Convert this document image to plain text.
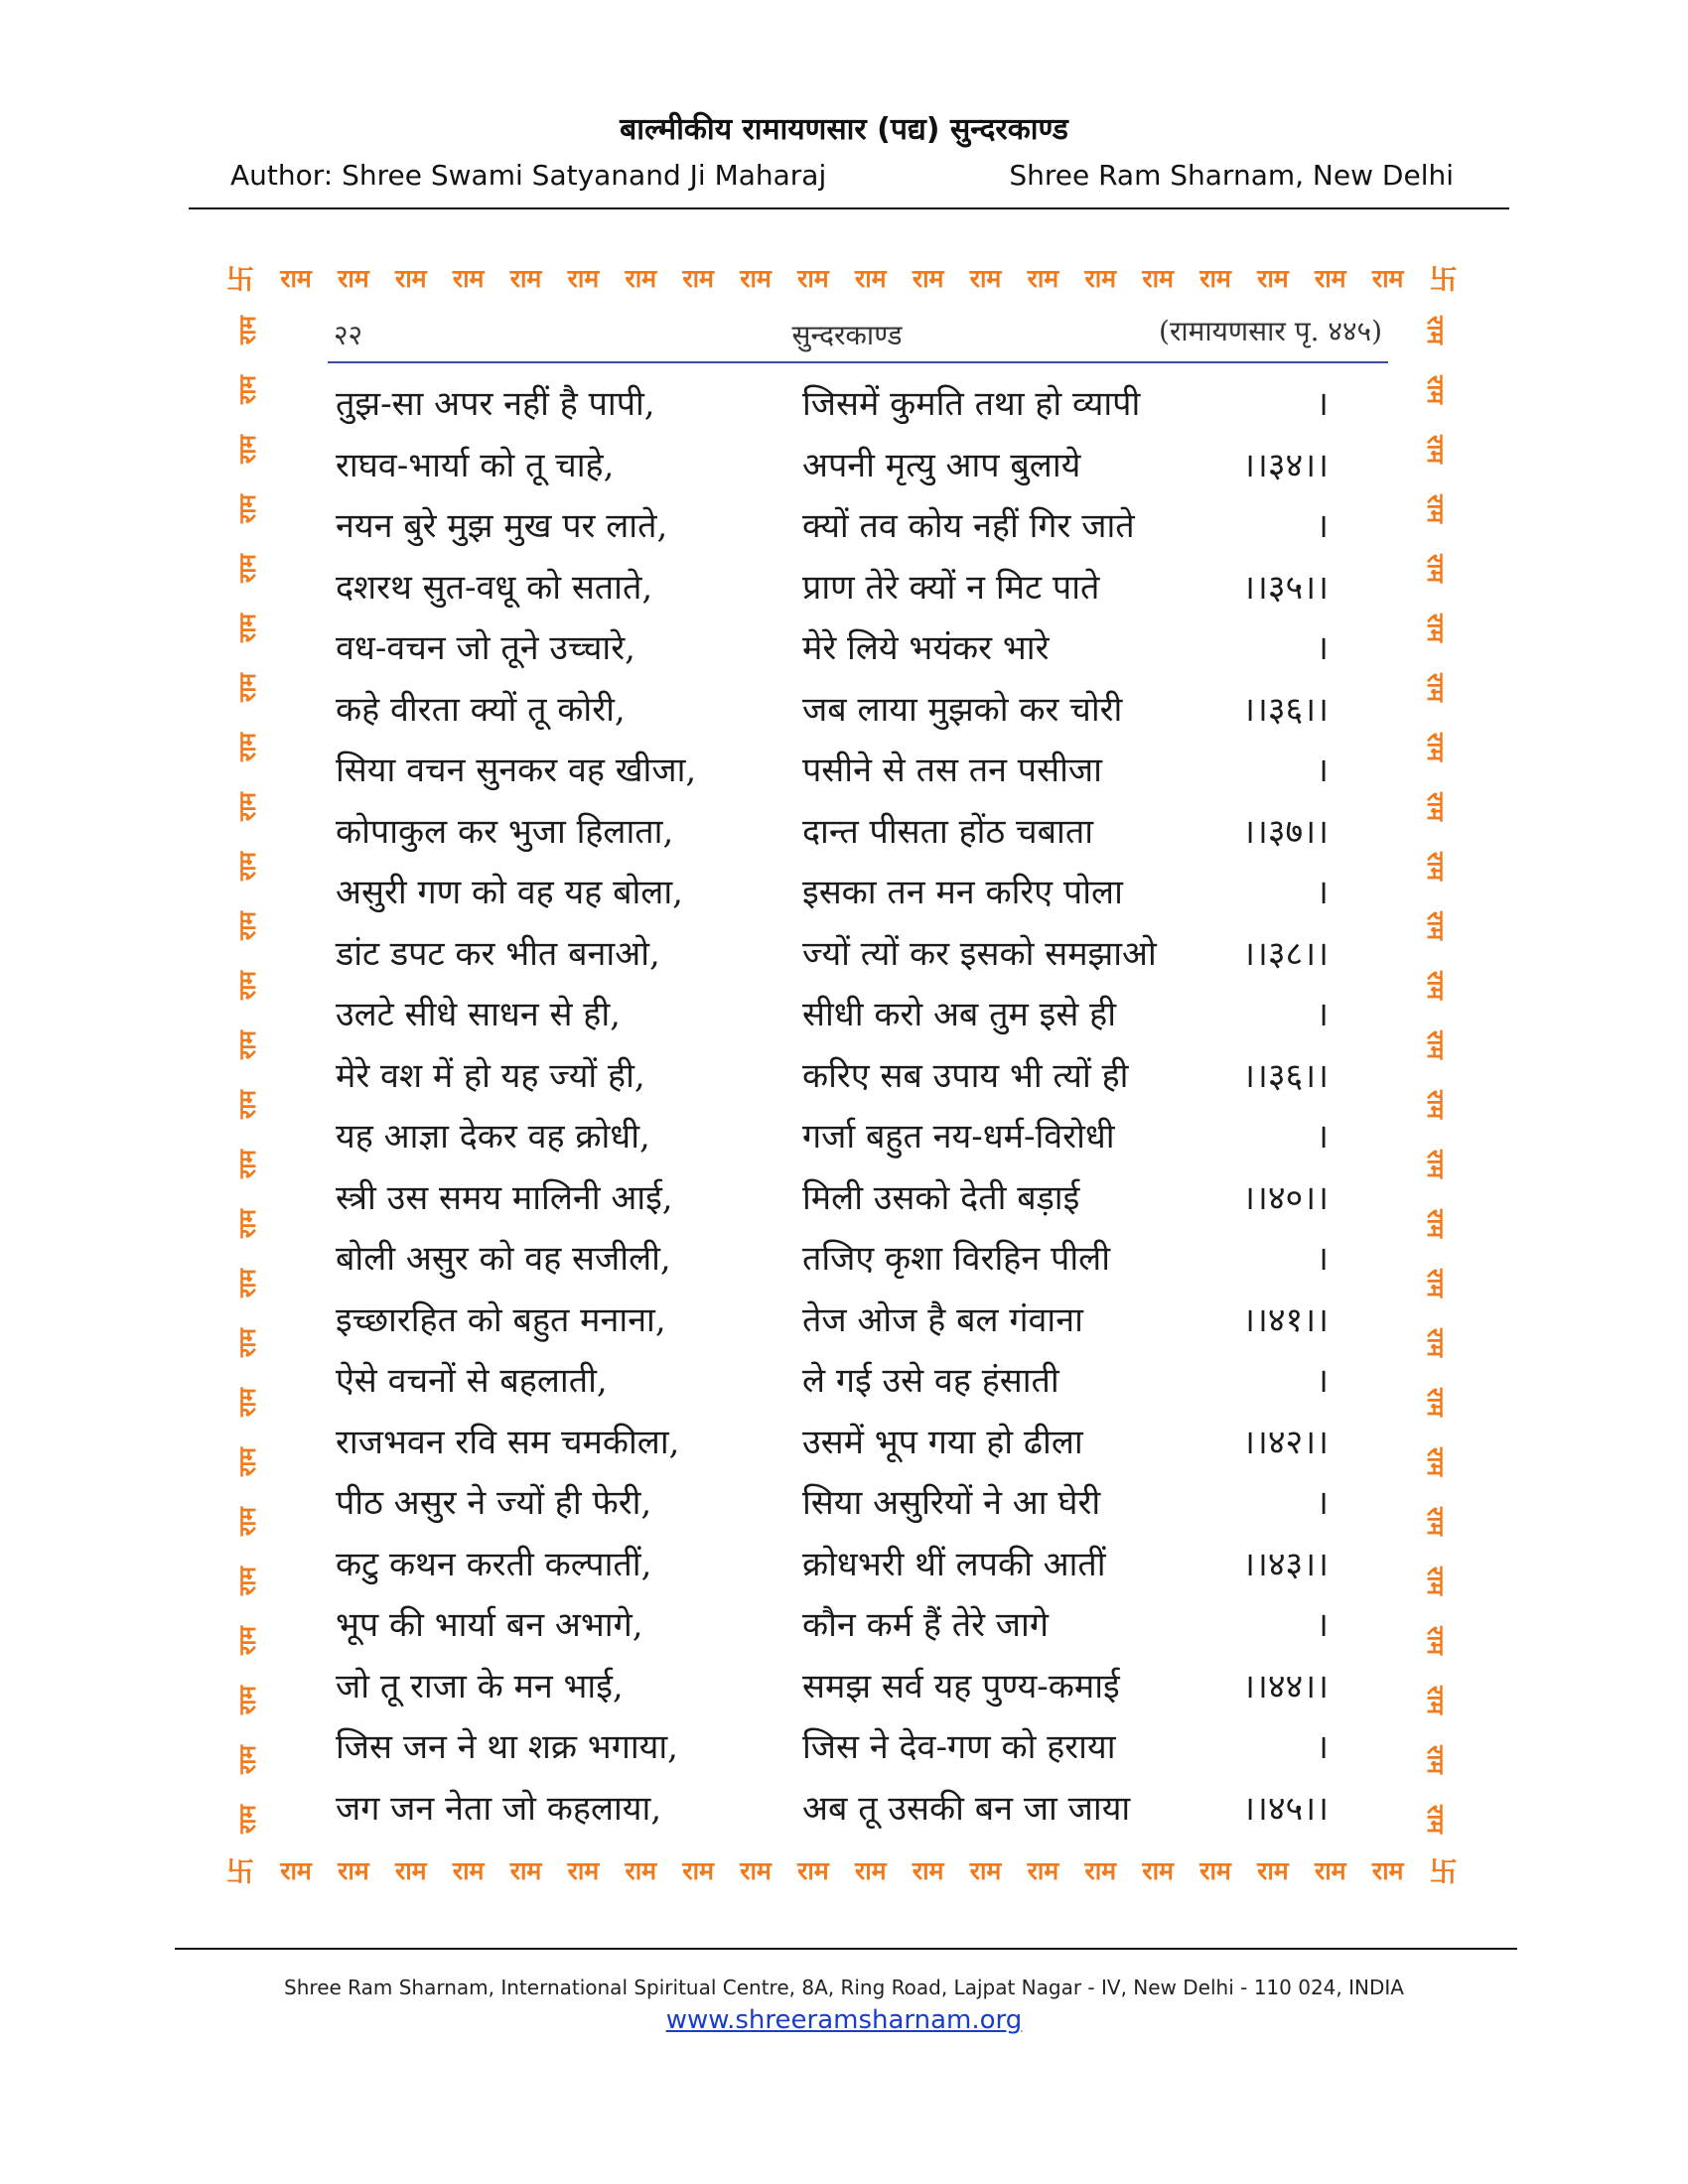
बाल्मीकीय रामायणसार (पद्य) सुन्दरकाण्ड
Author: Shree Swami Satyanand Ji Maharaj	Shree Ram Sharnam, New Delhi
卐 राम राम राम राम राम राम राम राम राम राम राम राम राम राम राम राम राम राम राम राम 卐
राम
राम
राम
राम
राम
राम
राम
राम
राम
राम
राम
राम
राम
राम
राम
राम
राम
राम
राम
राम
राम
राम
राम
राम
राम
राम
राम
राम
राम
राम
राम
राम
राम
राम
राम
राम
राम
राम
राम
राम
राम
राम
राम
राम
राम
राम
राम
राम
राम
राम
राम
राम
卐 राम राम राम राम राम राम राम राम राम राम राम राम राम राम राम राम राम राम राम राम 卐
२२	सुन्दरकाण्ड	(रामायणसार पृ. ४४५)
तुझ-सा अपर नहीं है पापी,	जिसमें कुमति तथा हो व्यापी	।
राघव-भार्या को तू चाहे,	अपनी मृत्यु आप बुलाये	।।३४।।
नयन बुरे मुझ मुख पर लाते,	क्यों तव कोय नहीं गिर जाते	।
दशरथ सुत-वधू को सताते,	प्राण तेरे क्यों न मिट पाते	।।३५।।
वध-वचन जो तूने उच्चारे,	मेरे लिये भयंकर भारे	।
कहे वीरता क्यों तू कोरी,	जब लाया मुझको कर चोरी	।।३६।।
सिया वचन सुनकर वह खीजा,	पसीने से तस तन पसीजा	।
कोपाकुल कर भुजा हिलाता,	दान्त पीसता होंठ चबाता	।।३७।।
असुरी गण को वह यह बोला,	इसका तन मन करिए पोला	।
डांट डपट कर भीत बनाओ,	ज्यों त्यों कर इसको समझाओ	।।३८।।
उलटे सीधे साधन से ही,	सीधी करो अब तुम इसे ही	।
मेरे वश में हो यह ज्यों ही,	करिए सब उपाय भी त्यों ही	।।३६।।
यह आज्ञा देकर वह क्रोधी,	गर्जा बहुत नय-धर्म-विरोधी	।
स्त्री उस समय मालिनी आई,	मिली उसको देती बड़ाई	।।४०।।
बोली असुर को वह सजीली,	तजिए कृशा विरहिन पीली	।
इच्छारहित को बहुत मनाना,	तेज ओज है बल गंवाना	।।४१।।
ऐसे वचनों से बहलाती,	ले गई उसे वह हंसाती	।
राजभवन रवि सम चमकीला,	उसमें भूप गया हो ढीला	।।४२।।
पीठ असुर ने ज्यों ही फेरी,	सिया असुरियों ने आ घेरी	।
कटु कथन करती कल्पातीं,	क्रोधभरी थीं लपकी आतीं	।।४३।।
भूप की भार्या बन अभागे,	कौन कर्म हैं तेरे जागे	।
जो तू राजा के मन भाई,	समझ सर्व यह पुण्य-कमाई	।।४४।।
जिस जन ने था शक्र भगाया,	जिस ने देव-गण को हराया	।
जग जन नेता जो कहलाया,	अब तू उसकी बन जा जाया	।।४५।।
Shree Ram Sharnam, International Spiritual Centre, 8A, Ring Road, Lajpat Nagar - IV, New Delhi - 110 024, INDIA
www.shreeramsharnam.org
